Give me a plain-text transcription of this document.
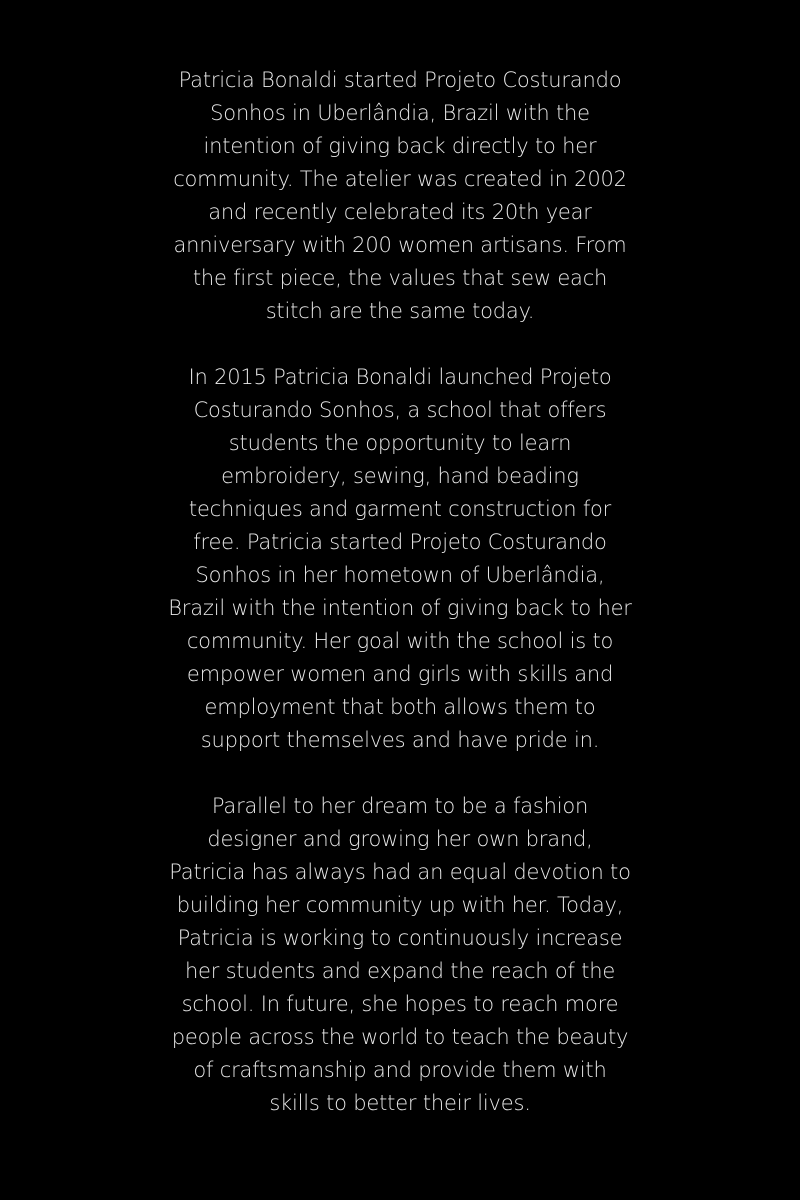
Patricia Bonaldi started Projeto Costurando
Sonhos in Uberlândia, Brazil with the
intention of giving back directly to her
community. The atelier was created in 2002
and recently celebrated its 20th year
anniversary with 200 women artisans. From
the first piece, the values that sew each
stitch are the same today.

In 2015 Patricia Bonaldi launched Projeto
Costurando Sonhos, a school that offers
students the opportunity to learn
embroidery, sewing, hand beading
techniques and garment construction for
free. Patricia started Projeto Costurando
Sonhos in her hometown of Uberlândia,
Brazil with the intention of giving back to her
community. Her goal with the school is to
empower women and girls with skills and
employment that both allows them to
support themselves and have pride in.

Parallel to her dream to be a fashion
designer and growing her own brand,
Patricia has always had an equal devotion to
building her community up with her. Today,
Patricia is working to continuously increase
her students and expand the reach of the
school. In future, she hopes to reach more
people across the world to teach the beauty
of craftsmanship and provide them with
skills to better their lives.
